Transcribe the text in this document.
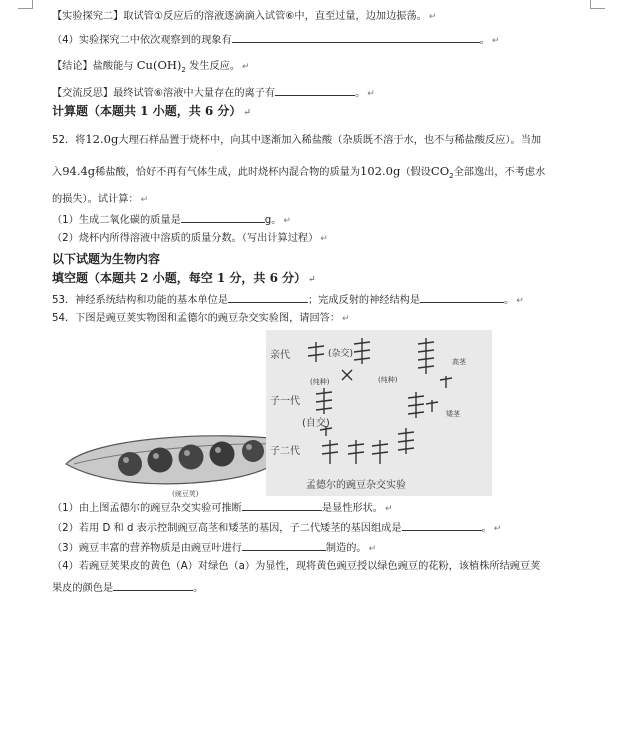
【实验探究二】取试管①反应后的溶液逐滴滴入试管⑥中，直至过量，边加边振荡。 ↵
（4）实验探究二中依次观察到的现象有	。 ↵
【结论】盐酸能与 $Cu(OH)_2$ 发生反应。 ↵
【交流反思】最终试管⑥溶液中大量存在的离子有	。 ↵
计算题（本题共 1 小题，共 6 分） ↵
52．将12.0g大理石样品置于烧杯中，向其中逐渐加入稀盐酸（杂质既不溶于水，也不与稀盐酸反应）。当加
入94.4g稀盐酸，恰好不再有气体生成，此时烧杯内混合物的质量为102.0g（假设$CO_2$全部逸出，不考虑水
的损失）。试计算： ↵
（1）生成二氧化碳的质量是	g。 ↵
（2）烧杯内所得溶液中溶质的质量分数。（写出计算过程） ↵
以下试题为生物内容
填空题（本题共 2 小题，每空 1 分，共 6 分） ↵
53．神经系统结构和功能的基本单位是	；完成反射的神经结构是	。 ↵
54．下图是豌豆荚实物图和孟德尔的豌豆杂交实验图，请回答： ↵
(豌豆荚)
亲代	(杂交)
(纯种)	(纯种)
高茎
子一代
(自交)
矮茎
子二代
孟德尔的豌豆杂交实验
（1）由上图孟德尔的豌豆杂交实验可推断	是显性形状。 ↵
（2）若用 D 和 d 表示控制豌豆高茎和矮茎的基因，子二代矮茎的基因组成是	。 ↵
（3）豌豆丰富的营养物质是由豌豆叶进行	制造的。 ↵
（4）若豌豆荚果皮的黄色（A）对绿色（a）为显性，现将黄色豌豆授以绿色豌豆的花粉，该植株所结豌豆荚
果皮的颜色是	。
